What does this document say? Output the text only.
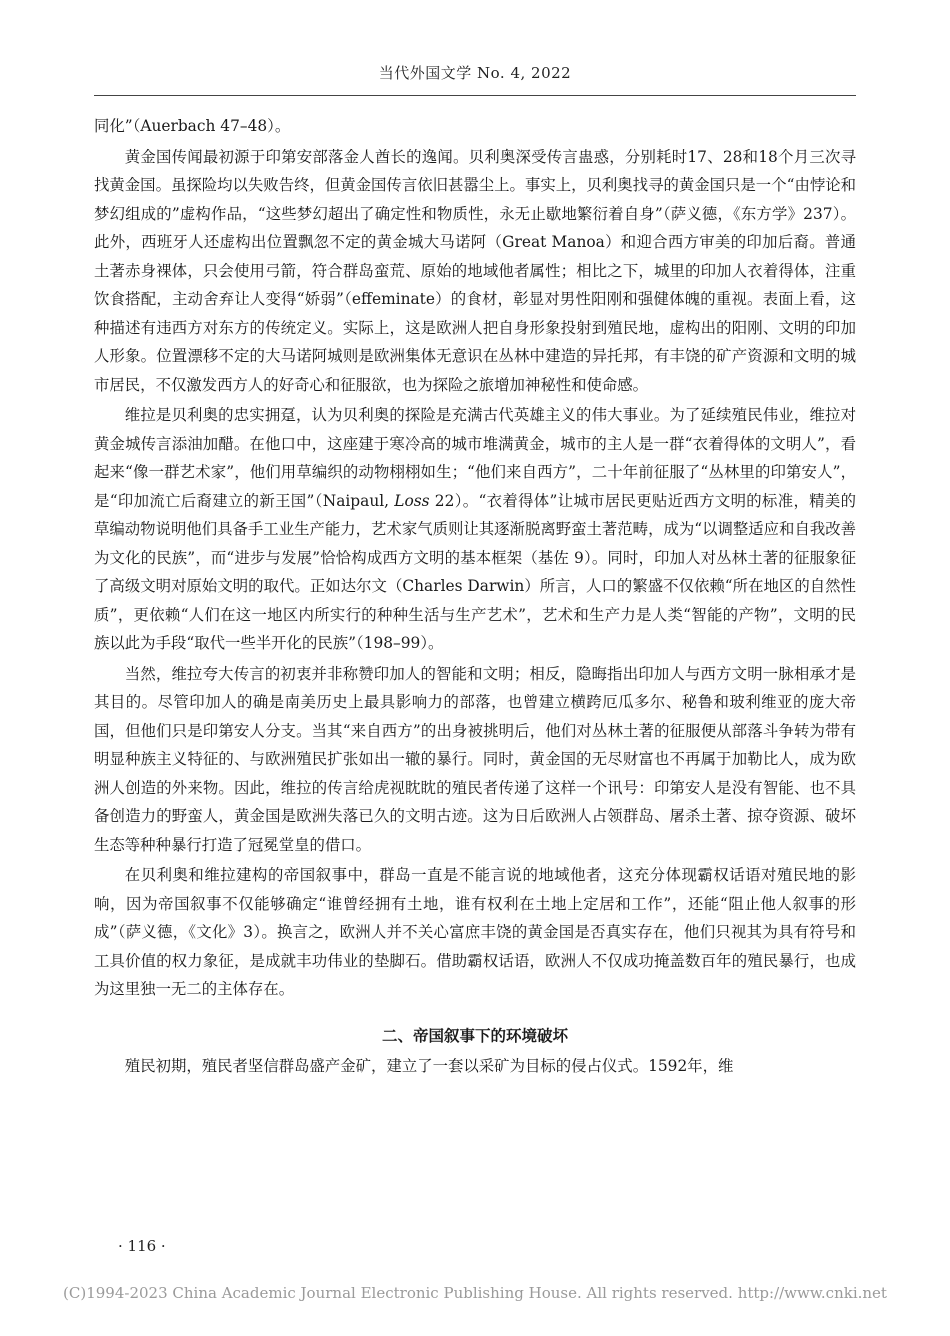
当代外国文学 No. 4, 2022

同化”（Auerbach 47–48）。

黄金国传闻最初源于印第安部落金人酋长的逸闻。贝利奥深受传言蛊惑，分别耗时17、28和18个月三次寻找黄金国。虽探险均以失败告终，但黄金国传言依旧甚嚣尘上。事实上，贝利奥找寻的黄金国只是一个“由悖论和梦幻组成的”虚构作品，“这些梦幻超出了确定性和物质性，永无止歇地繁衍着自身”（萨义德，《东方学》237）。此外，西班牙人还虚构出位置飘忽不定的黄金城大马诺阿（Great Manoa）和迎合西方审美的印加后裔。普通土著赤身裸体，只会使用弓箭，符合群岛蛮荒、原始的地域他者属性；相比之下，城里的印加人衣着得体，注重饮食搭配，主动舍弃让人变得“娇弱”（effeminate）的食材，彰显对男性阳刚和强健体魄的重视。表面上看，这种描述有违西方对东方的传统定义。实际上，这是欧洲人把自身形象投射到殖民地，虚构出的阳刚、文明的印加人形象。位置漂移不定的大马诺阿城则是欧洲集体无意识在丛林中建造的异托邦，有丰饶的矿产资源和文明的城市居民，不仅激发西方人的好奇心和征服欲，也为探险之旅增加神秘性和使命感。

维拉是贝利奥的忠实拥趸，认为贝利奥的探险是充满古代英雄主义的伟大事业。为了延续殖民伟业，维拉对黄金城传言添油加醋。在他口中，这座建于寒冷高的城市堆满黄金，城市的主人是一群“衣着得体的文明人”，看起来“像一群艺术家”，他们用草编织的动物栩栩如生；“他们来自西方”，二十年前征服了“丛林里的印第安人”，是“印加流亡后裔建立的新王国”（Naipaul, Loss 22）。“衣着得体”让城市居民更贴近西方文明的标准，精美的草编动物说明他们具备手工业生产能力，艺术家气质则让其逐渐脱离野蛮土著范畴，成为“以调整适应和自我改善为文化的民族”，而“进步与发展”恰恰构成西方文明的基本框架（基佐 9）。同时，印加人对丛林土著的征服象征了高级文明对原始文明的取代。正如达尔文（Charles Darwin）所言，人口的繁盛不仅依赖“所在地区的自然性质”，更依赖“人们在这一地区内所实行的种种生活与生产艺术”，艺术和生产力是人类“智能的产物”，文明的民族以此为手段“取代一些半开化的民族”（198–99）。

当然，维拉夸大传言的初衷并非称赞印加人的智能和文明；相反，隐晦指出印加人与西方文明一脉相承才是其目的。尽管印加人的确是南美历史上最具影响力的部落，也曾建立横跨厄瓜多尔、秘鲁和玻利维亚的庞大帝国，但他们只是印第安人分支。当其“来自西方”的出身被挑明后，他们对丛林土著的征服便从部落斗争转为带有明显种族主义特征的、与欧洲殖民扩张如出一辙的暴行。同时，黄金国的无尽财富也不再属于加勒比人，成为欧洲人创造的外来物。因此，维拉的传言给虎视眈眈的殖民者传递了这样一个讯号：印第安人是没有智能、也不具备创造力的野蛮人，黄金国是欧洲失落已久的文明古迹。这为日后欧洲人占领群岛、屠杀土著、掠夺资源、破坏生态等种种暴行打造了冠冕堂皇的借口。

在贝利奥和维拉建构的帝国叙事中，群岛一直是不能言说的地域他者，这充分体现霸权话语对殖民地的影响，因为帝国叙事不仅能够确定“谁曾经拥有土地，谁有权利在土地上定居和工作”，还能“阻止他人叙事的形成”（萨义德，《文化》3）。换言之，欧洲人并不关心富庶丰饶的黄金国是否真实存在，他们只视其为具有符号和工具价值的权力象征，是成就丰功伟业的垫脚石。借助霸权话语，欧洲人不仅成功掩盖数百年的殖民暴行，也成为这里独一无二的主体存在。

二、帝国叙事下的环境破坏

殖民初期，殖民者坚信群岛盛产金矿，建立了一套以采矿为目标的侵占仪式。1592年，维

· 116 ·
(C)1994-2023 China Academic Journal Electronic Publishing House. All rights reserved. http://www.cnki.net
